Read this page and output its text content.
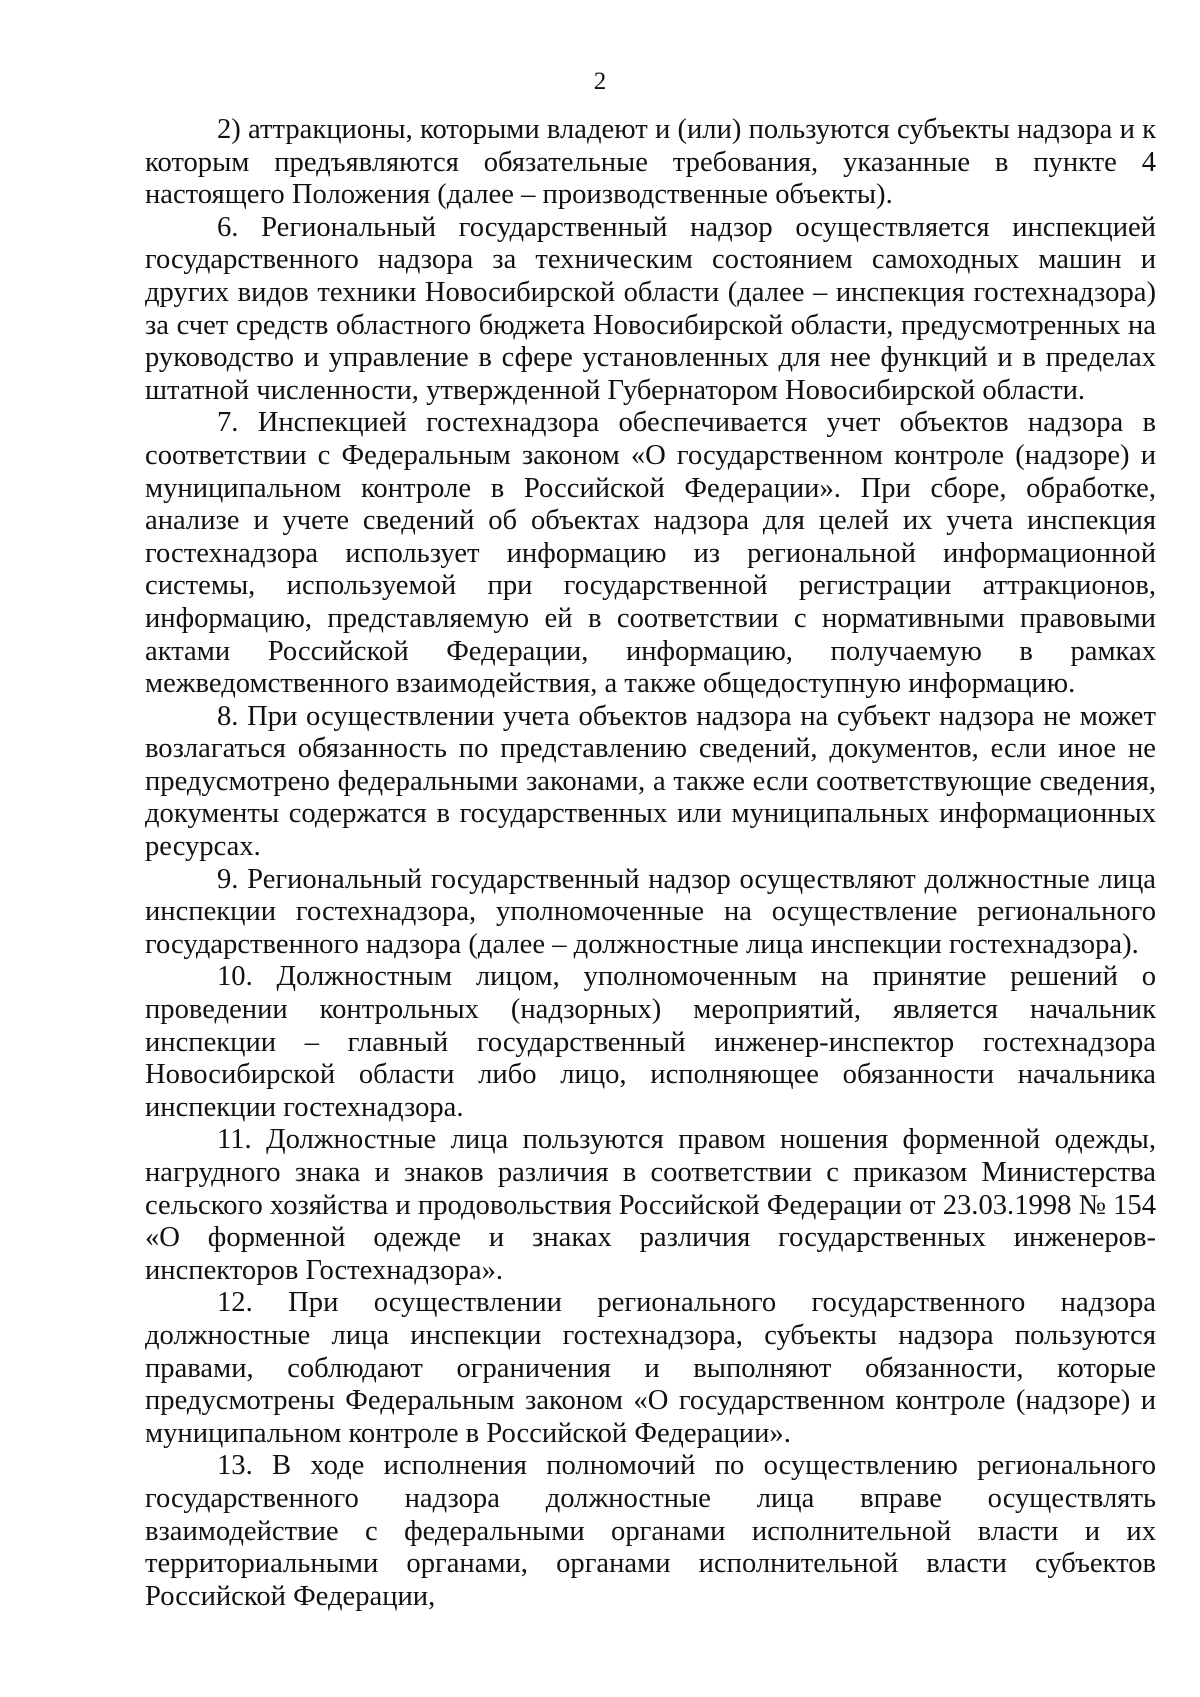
2

2) аттракционы, которыми владеют и (или) пользуются субъекты надзора и к которым предъявляются обязательные требования, указанные в пункте 4 настоящего Положения (далее – производственные объекты).

6. Региональный государственный надзор осуществляется инспекцией государственного надзора за техническим состоянием самоходных машин и других видов техники Новосибирской области (далее – инспекция гостехнадзора) за счет средств областного бюджета Новосибирской области, предусмотренных на руководство и управление в сфере установленных для нее функций и в пределах штатной численности, утвержденной Губернатором Новосибирской области.

7. Инспекцией гостехнадзора обеспечивается учет объектов надзора в соответствии с Федеральным законом «О государственном контроле (надзоре) и муниципальном контроле в Российской Федерации». При сборе, обработке, анализе и учете сведений об объектах надзора для целей их учета инспекция гостехнадзора использует информацию из региональной информационной системы, используемой при государственной регистрации аттракционов, информацию, представляемую ей в соответствии с нормативными правовыми актами Российской Федерации, информацию, получаемую в рамках межведомственного взаимодействия, а также общедоступную информацию.

8. При осуществлении учета объектов надзора на субъект надзора не может возлагаться обязанность по представлению сведений, документов, если иное не предусмотрено федеральными законами, а также если соответствующие сведения, документы содержатся в государственных или муниципальных информационных ресурсах.

9. Региональный государственный надзор осуществляют должностные лица инспекции гостехнадзора, уполномоченные на осуществление регионального государственного надзора (далее – должностные лица инспекции гостехнадзора).

10. Должностным лицом, уполномоченным на принятие решений о проведении контрольных (надзорных) мероприятий, является начальник инспекции – главный государственный инженер-инспектор гостехнадзора Новосибирской области либо лицо, исполняющее обязанности начальника инспекции гостехнадзора.

11. Должностные лица пользуются правом ношения форменной одежды, нагрудного знака и знаков различия в соответствии с приказом Министерства сельского хозяйства и продовольствия Российской Федерации от 23.03.1998 № 154 «О форменной одежде и знаках различия государственных инженеров-инспекторов Гостехнадзора».

12. При осуществлении регионального государственного надзора должностные лица инспекции гостехнадзора, субъекты надзора пользуются правами, соблюдают ограничения и выполняют обязанности, которые предусмотрены Федеральным законом «О государственном контроле (надзоре) и муниципальном контроле в Российской Федерации».

13. В ходе исполнения полномочий по осуществлению регионального государственного надзора должностные лица вправе осуществлять взаимодействие с федеральными органами исполнительной власти и их территориальными органами, органами исполнительной власти субъектов Российской Федерации,
